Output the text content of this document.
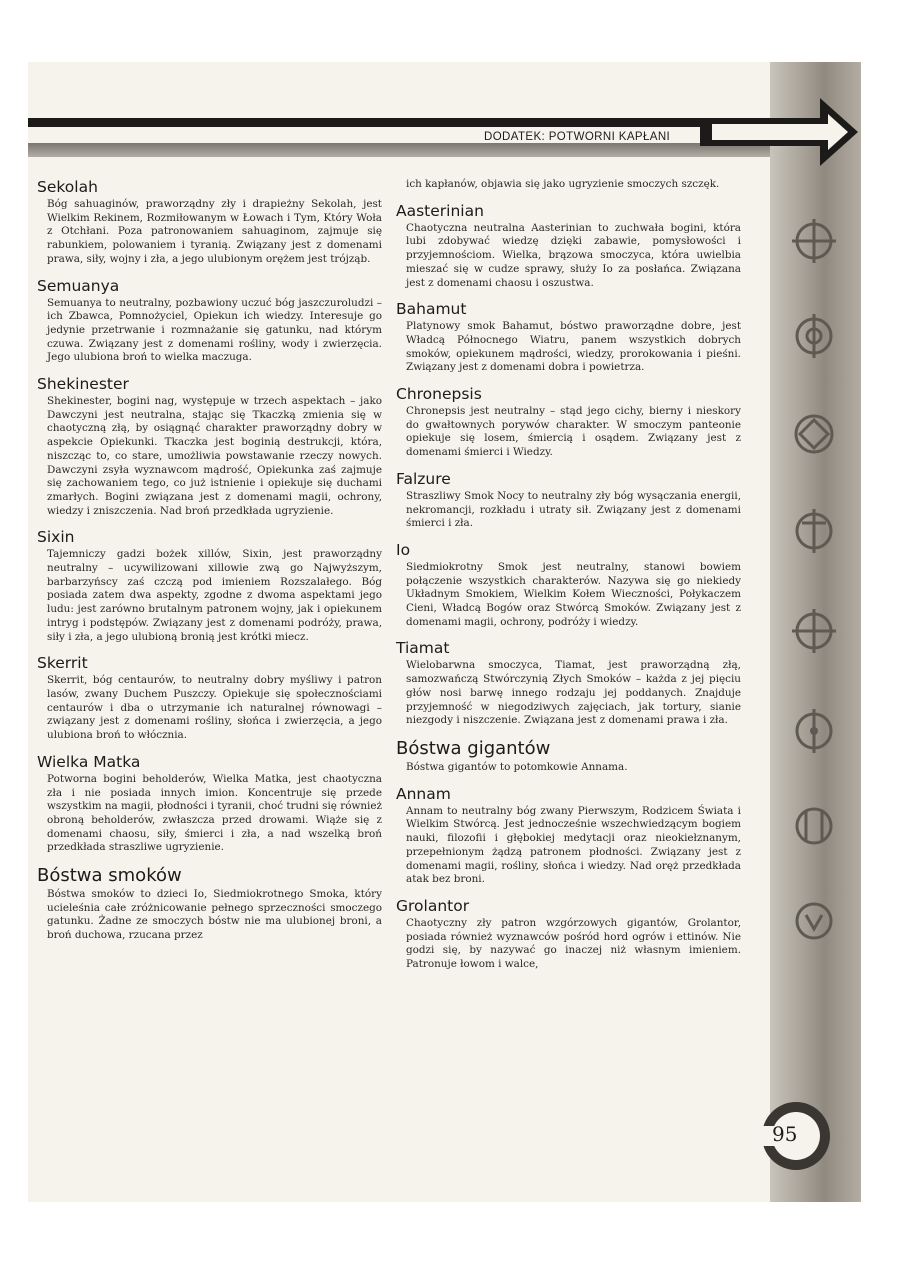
DODATEK: POTWORNI KAPŁANI
Sekolah

Bóg sahuaginów, praworządny zły i drapieżny Sekolah, jest Wielkim Rekinem, Rozmiłowanym w Łowach i Tym, Który Woła z Otchłani. Poza patronowaniem sahuaginom, zajmuje się rabunkiem, polowaniem i tyranią. Związany jest z domenami prawa, siły, wojny i zła, a jego ulubionym orężem jest trójząb.

Semuanya

Semuanya to neutralny, pozbawiony uczuć bóg jaszczuroludzi – ich Zbawca, Pomnożyciel, Opiekun ich wiedzy. Interesuje go jedynie przetrwanie i rozmnażanie się gatunku, nad którym czuwa. Związany jest z domenami rośliny, wody i zwierzęcia. Jego ulubiona broń to wielka maczuga.

Shekinester

Shekinester, bogini nag, występuje w trzech aspektach – jako Dawczyni jest neutralna, stając się Tkaczką zmienia się w chaotyczną złą, by osiągnąć charakter praworządny dobry w aspekcie Opiekunki. Tkaczka jest boginią destrukcji, która, niszcząc to, co stare, umożliwia powstawanie rzeczy nowych. Dawczyni zsyła wyznawcom mądrość, Opiekunka zaś zajmuje się zachowaniem tego, co już istnienie i opiekuje się duchami zmarłych. Bogini związana jest z domenami magii, ochrony, wiedzy i zniszczenia. Nad broń przedkłada ugryzienie.

Sixin

Tajemniczy gadzi bożek xillów, Sixin, jest praworządny neutralny – ucywilizowani xillowie zwą go Najwyższym, barbarzyńscy zaś czczą pod imieniem Rozszalałego. Bóg posiada zatem dwa aspekty, zgodne z dwoma aspektami jego ludu: jest zarówno brutalnym patronem wojny, jak i opiekunem intryg i podstępów. Związany jest z domenami podróży, prawa, siły i zła, a jego ulubioną bronią jest krótki miecz.

Skerrit

Skerrit, bóg centaurów, to neutralny dobry myśliwy i patron lasów, zwany Duchem Puszczy. Opiekuje się społecznościami centaurów i dba o utrzymanie ich naturalnej równowagi – związany jest z domenami rośliny, słońca i zwierzęcia, a jego ulubiona broń to włócznia.

Wielka Matka

Potworna bogini beholderów, Wielka Matka, jest chaotyczna zła i nie posiada innych imion. Koncentruje się przede wszystkim na magii, płodności i tyranii, choć trudni się również obroną beholderów, zwłaszcza przed drowami. Wiąże się z domenami chaosu, siły, śmierci i zła, a nad wszelką broń przedkłada straszliwe ugryzienie.

Bóstwa smoków

Bóstwa smoków to dzieci Io, Siedmiokrotnego Smoka, który ucieleśnia całe zróżnicowanie pełnego sprzeczności smoczego gatunku. Żadne ze smoczych bóstw nie ma ulubionej broni, a broń duchowa, rzucana przez

ich kapłanów, objawia się jako ugryzienie smoczych szczęk.

Aasterinian

Chaotyczna neutralna Aasterinian to zuchwała bogini, która lubi zdobywać wiedzę dzięki zabawie, pomysłowości i przyjemnościom. Wielka, brązowa smoczyca, która uwielbia mieszać się w cudze sprawy, służy Io za posłańca. Związana jest z domenami chaosu i oszustwa.

Bahamut

Platynowy smok Bahamut, bóstwo praworządne dobre, jest Władcą Północnego Wiatru, panem wszystkich dobrych smoków, opiekunem mądrości, wiedzy, prorokowania i pieśni. Związany jest z domenami dobra i powietrza.

Chronepsis

Chronepsis jest neutralny – stąd jego cichy, bierny i nieskory do gwałtownych porywów charakter. W smoczym panteonie opiekuje się losem, śmiercią i osądem. Związany jest z domenami śmierci i Wiedzy.

Falzure

Straszliwy Smok Nocy to neutralny zły bóg wysączania energii, nekromancji, rozkładu i utraty sił. Związany jest z domenami śmierci i zła.

Io

Siedmiokrotny Smok jest neutralny, stanowi bowiem połączenie wszystkich charakterów. Nazywa się go niekiedy Układnym Smokiem, Wielkim Kołem Wieczności, Połykaczem Cieni, Władcą Bogów oraz Stwórcą Smoków. Związany jest z domenami magii, ochrony, podróży i wiedzy.

Tiamat

Wielobarwna smoczyca, Tiamat, jest praworządną złą, samozwańczą Stwórczynią Złych Smoków – każda z jej pięciu głów nosi barwę innego rodzaju jej poddanych. Znajduje przyjemność w niegodziwych zajęciach, jak tortury, sianie niezgody i niszczenie. Związana jest z domenami prawa i zła.

Bóstwa gigantów

Bóstwa gigantów to potomkowie Annama.

Annam

Annam to neutralny bóg zwany Pierwszym, Rodzicem Świata i Wielkim Stwórcą. Jest jednocześnie wszechwiedzącym bogiem nauki, filozofii i głębokiej medytacji oraz nieokiełznanym, przepełnionym żądzą patronem płodności. Związany jest z domenami magii, rośliny, słońca i wiedzy. Nad oręż przedkłada atak bez broni.

Grolantor

Chaotyczny zły patron wzgórzowych gigantów, Grolantor, posiada również wyznawców pośród hord ogrów i ettinów. Nie godzi się, by nazywać go inaczej niż własnym imieniem. Patronuje łowom i walce,

95
